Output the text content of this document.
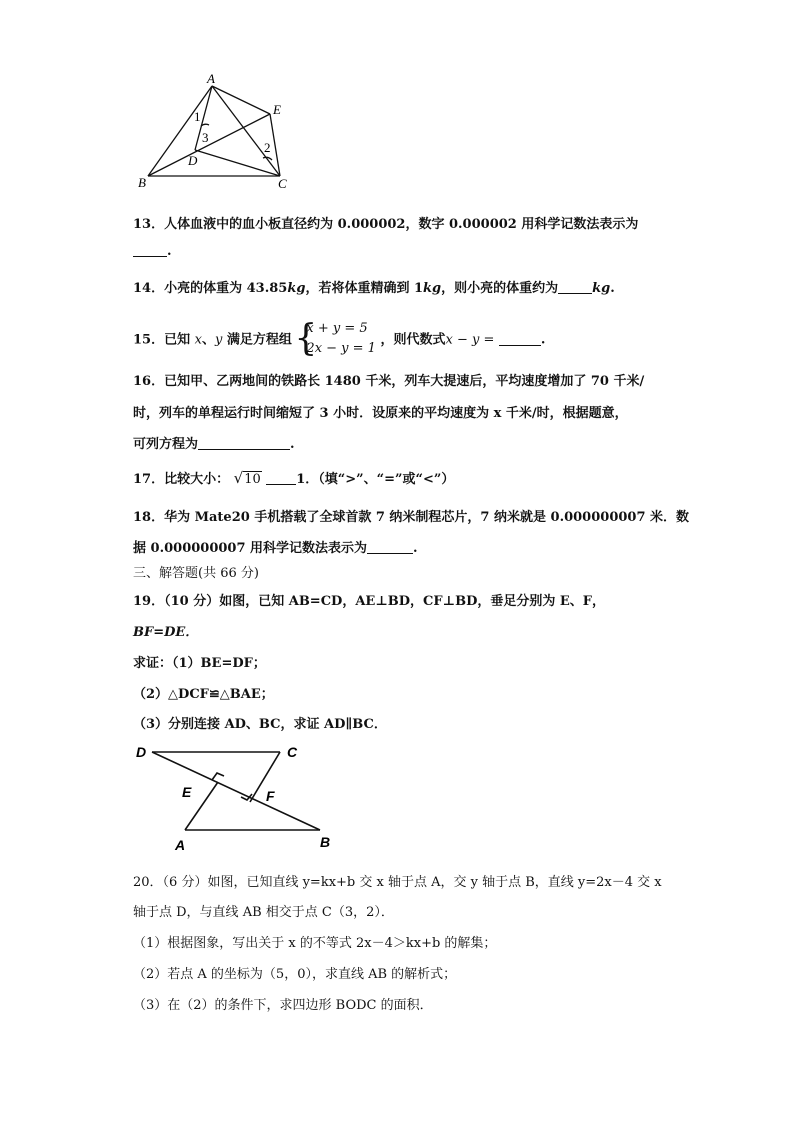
A
E
B	C
D
1
3
2
13．人体血液中的血小板直径约为 0.000002，数字 0.000002 用科学记数法表示为
.
14．小亮的体重为 43.85kg，若将体重精确到 1kg，则小亮的体重约为	kg.
15．已知 x、y 满足方程组
{ x + y = 5
2x − y = 1
，则代数式x − y =	.
16．已知甲、乙两地间的铁路长 1480 千米，列车大提速后，平均速度增加了 70 千米/
时，列车的单程运行时间缩短了 3 小时．设原来的平均速度为 x 千米/时，根据题意，
可列方程为	.
17．比较大小： √10	1．（填“>”、“=”或“<”）
18．华为 Mate20 手机搭载了全球首款 7 纳米制程芯片，7 纳米就是 0.000000007 米．数
据 0.000000007 用科学记数法表示为	.
三、解答题(共 66 分)
19．（10 分）如图，已知 AB=CD，AE⊥BD，CF⊥BD，垂足分别为 E、F，
BF=DE．
求证：（1）BE=DF；
（2）△DCF≌△BAE；
（3）分别连接 AD、BC，求证 AD∥BC．
D	C
E	F
A	B
20．（6 分）如图，已知直线 y=kx+b 交 x 轴于点 A，交 y 轴于点 B，直线 y=2x－4 交 x
轴于点 D，与直线 AB 相交于点 C（3，2）．
（1）根据图象，写出关于 x 的不等式 2x－4＞kx+b 的解集；
（2）若点 A 的坐标为（5，0），求直线 AB 的解析式；
（3）在（2）的条件下，求四边形 BODC 的面积．
